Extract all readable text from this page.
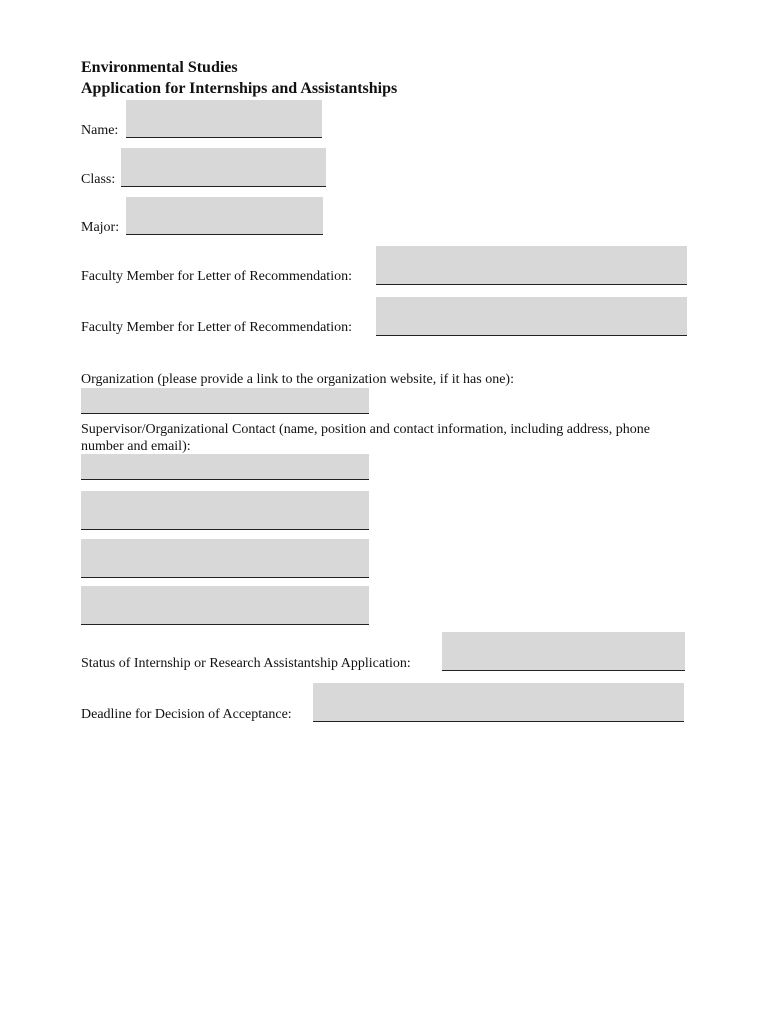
Environmental Studies
Application for Internships and Assistantships
Name:
Class:
Major:
Faculty Member for Letter of Recommendation:
Faculty Member for Letter of Recommendation:
Organization (please provide a link to the organization website, if it has one):
Supervisor/Organizational Contact (name, position and contact information, including address, phone number and email):
Status of Internship or Research Assistantship Application:
Deadline for Decision of Acceptance:
